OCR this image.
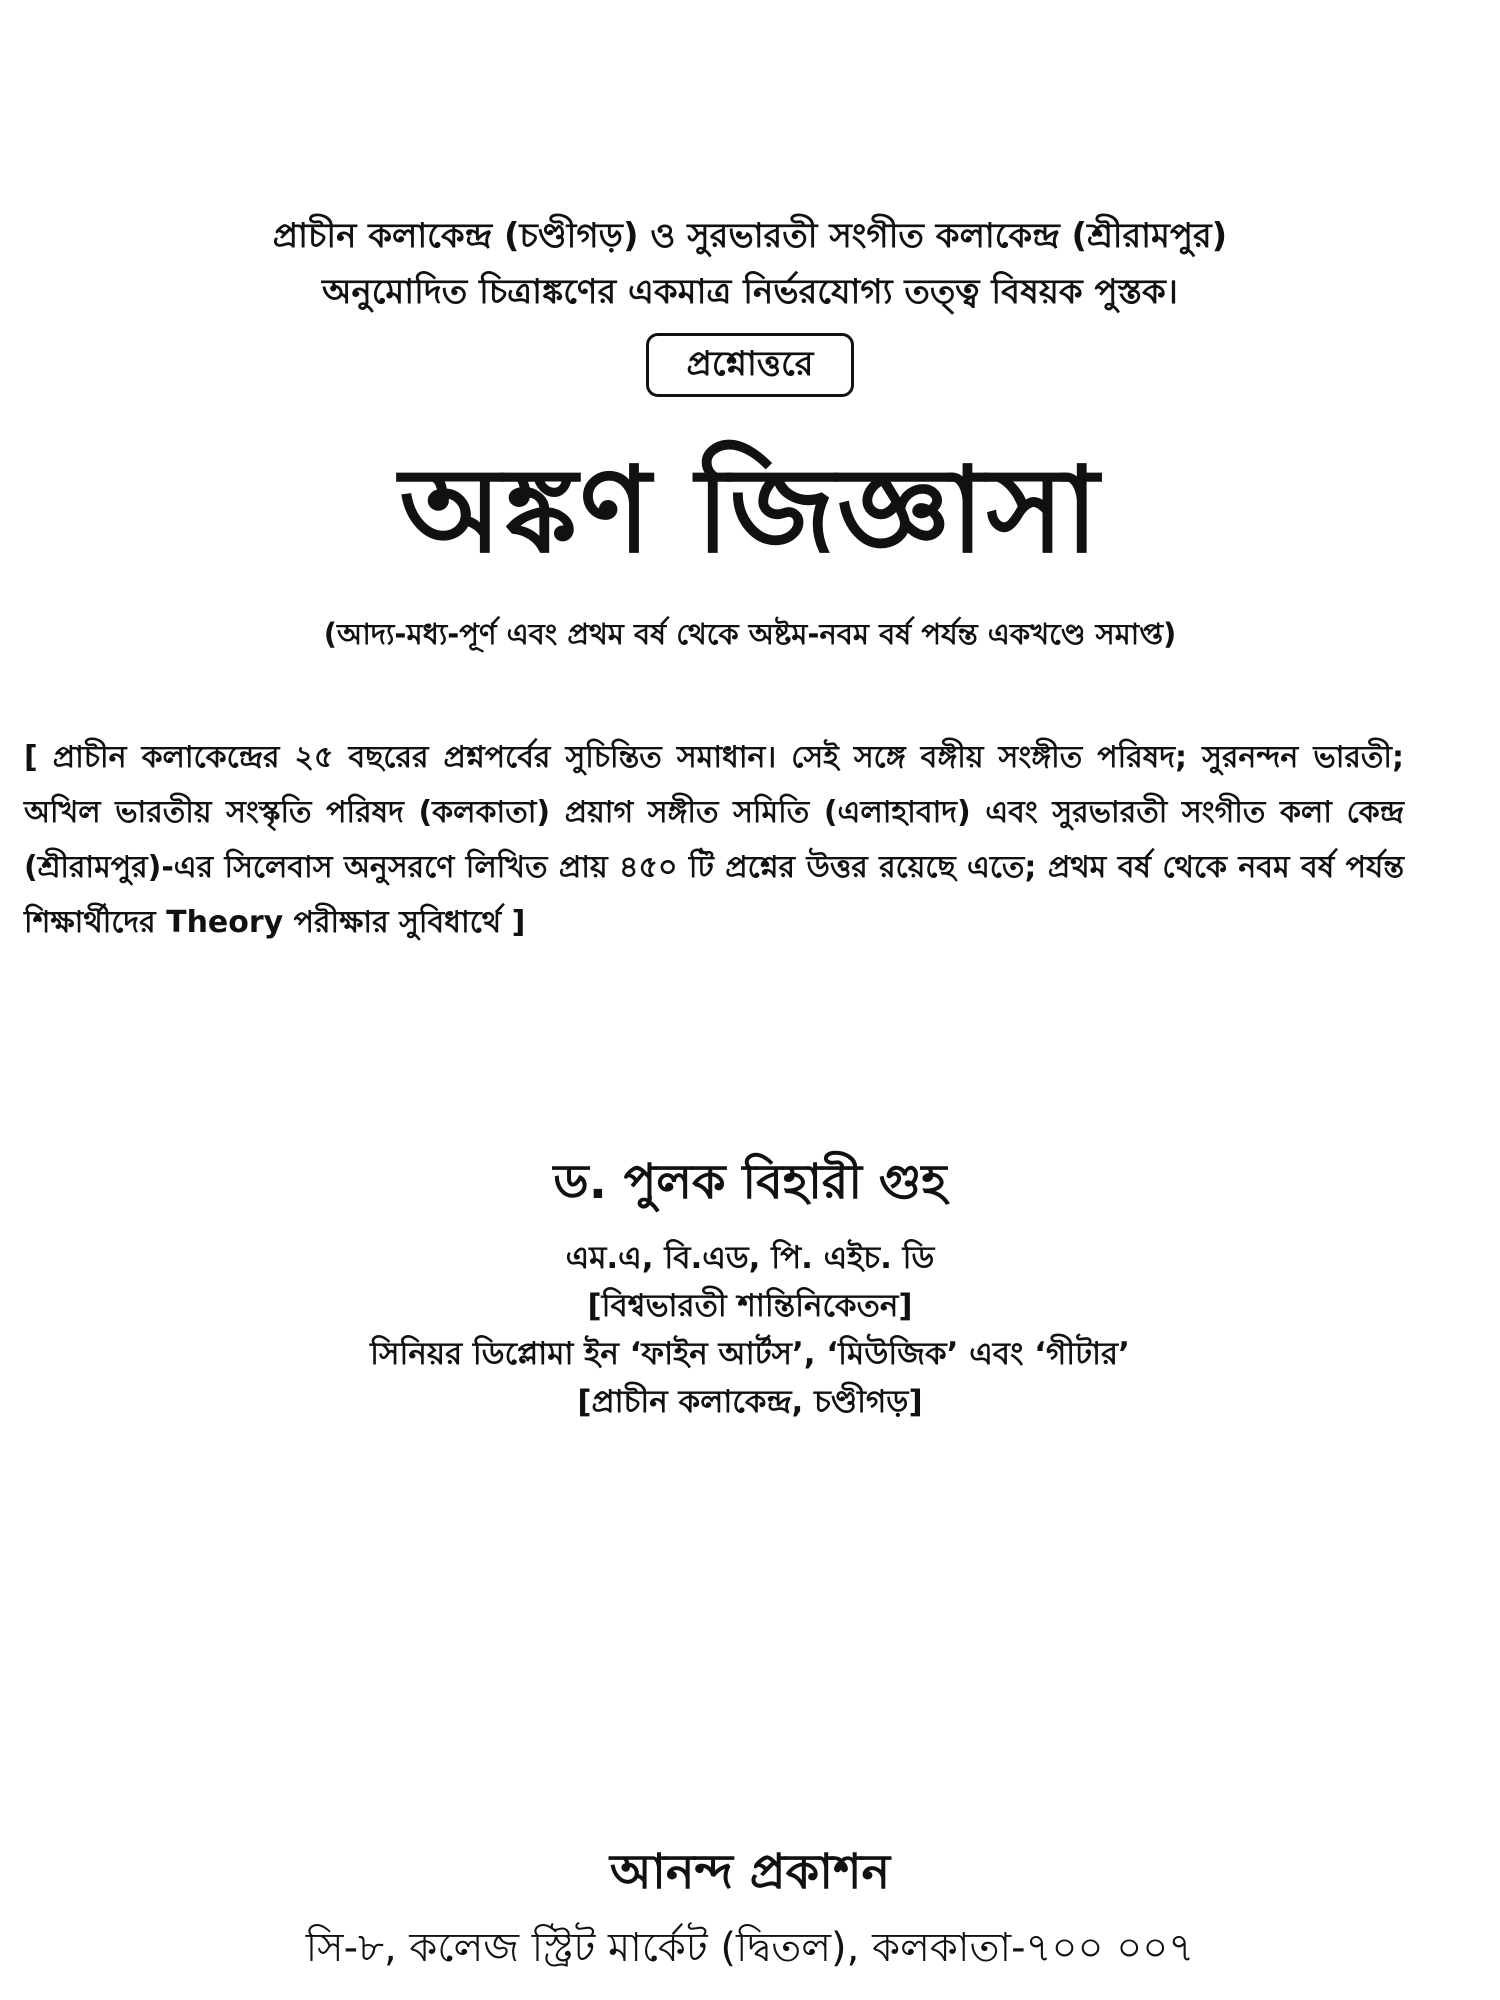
প্রাচীন কলাকেন্দ্র (চণ্ডীগড়) ও সুরভারতী সংগীত কলাকেন্দ্র (শ্রীরামপুর)
অনুমোদিত চিত্রাঙ্কণের একমাত্র নির্ভরযোগ্য তত্ত্ব বিষয়ক পুস্তক।
প্রশ্নোত্তরে
অঙ্কণ জিজ্ঞাসা
(আদ্য-মধ্য-পূর্ণ এবং প্রথম বর্ষ থেকে অষ্টম-নবম বর্ষ পর্যন্ত একখণ্ডে সমাপ্ত)
[ প্রাচীন কলাকেন্দ্রের ২৫ বছরের প্রশ্নপর্বের সুচিন্তিত সমাধান। সেই সঙ্গে বঙ্গীয় সংঙ্গীত পরিষদ; সুরনন্দন ভারতী; অখিল ভারতীয় সংস্কৃতি পরিষদ (কলকাতা) প্রয়াগ সঙ্গীত সমিতি (এলাহাবাদ) এবং সুরভারতী সংগীত কলা কেন্দ্র (শ্রীরামপুর)-এর সিলেবাস অনুসরণে লিখিত প্রায় ৪৫০ টি প্রশ্নের উত্তর রয়েছে এতে; প্রথম বর্ষ থেকে নবম বর্ষ পর্যন্ত শিক্ষার্থীদের Theory পরীক্ষার সুবিধার্থে ]
ড. পুলক বিহারী গুহ
এম.এ, বি.এড, পি. এইচ. ডি
[বিশ্বভারতী শান্তিনিকেতন]
সিনিয়র ডিপ্লোমা ইন ‘ফাইন আর্টস’, ‘মিউজিক’ এবং ‘গীটার’
[প্রাচীন কলাকেন্দ্র, চণ্ডীগড়]
আনন্দ প্রকাশন
সি-৮, কলেজ স্ট্রিট মার্কেট (দ্বিতল), কলকাতা-৭০০ ০০৭
